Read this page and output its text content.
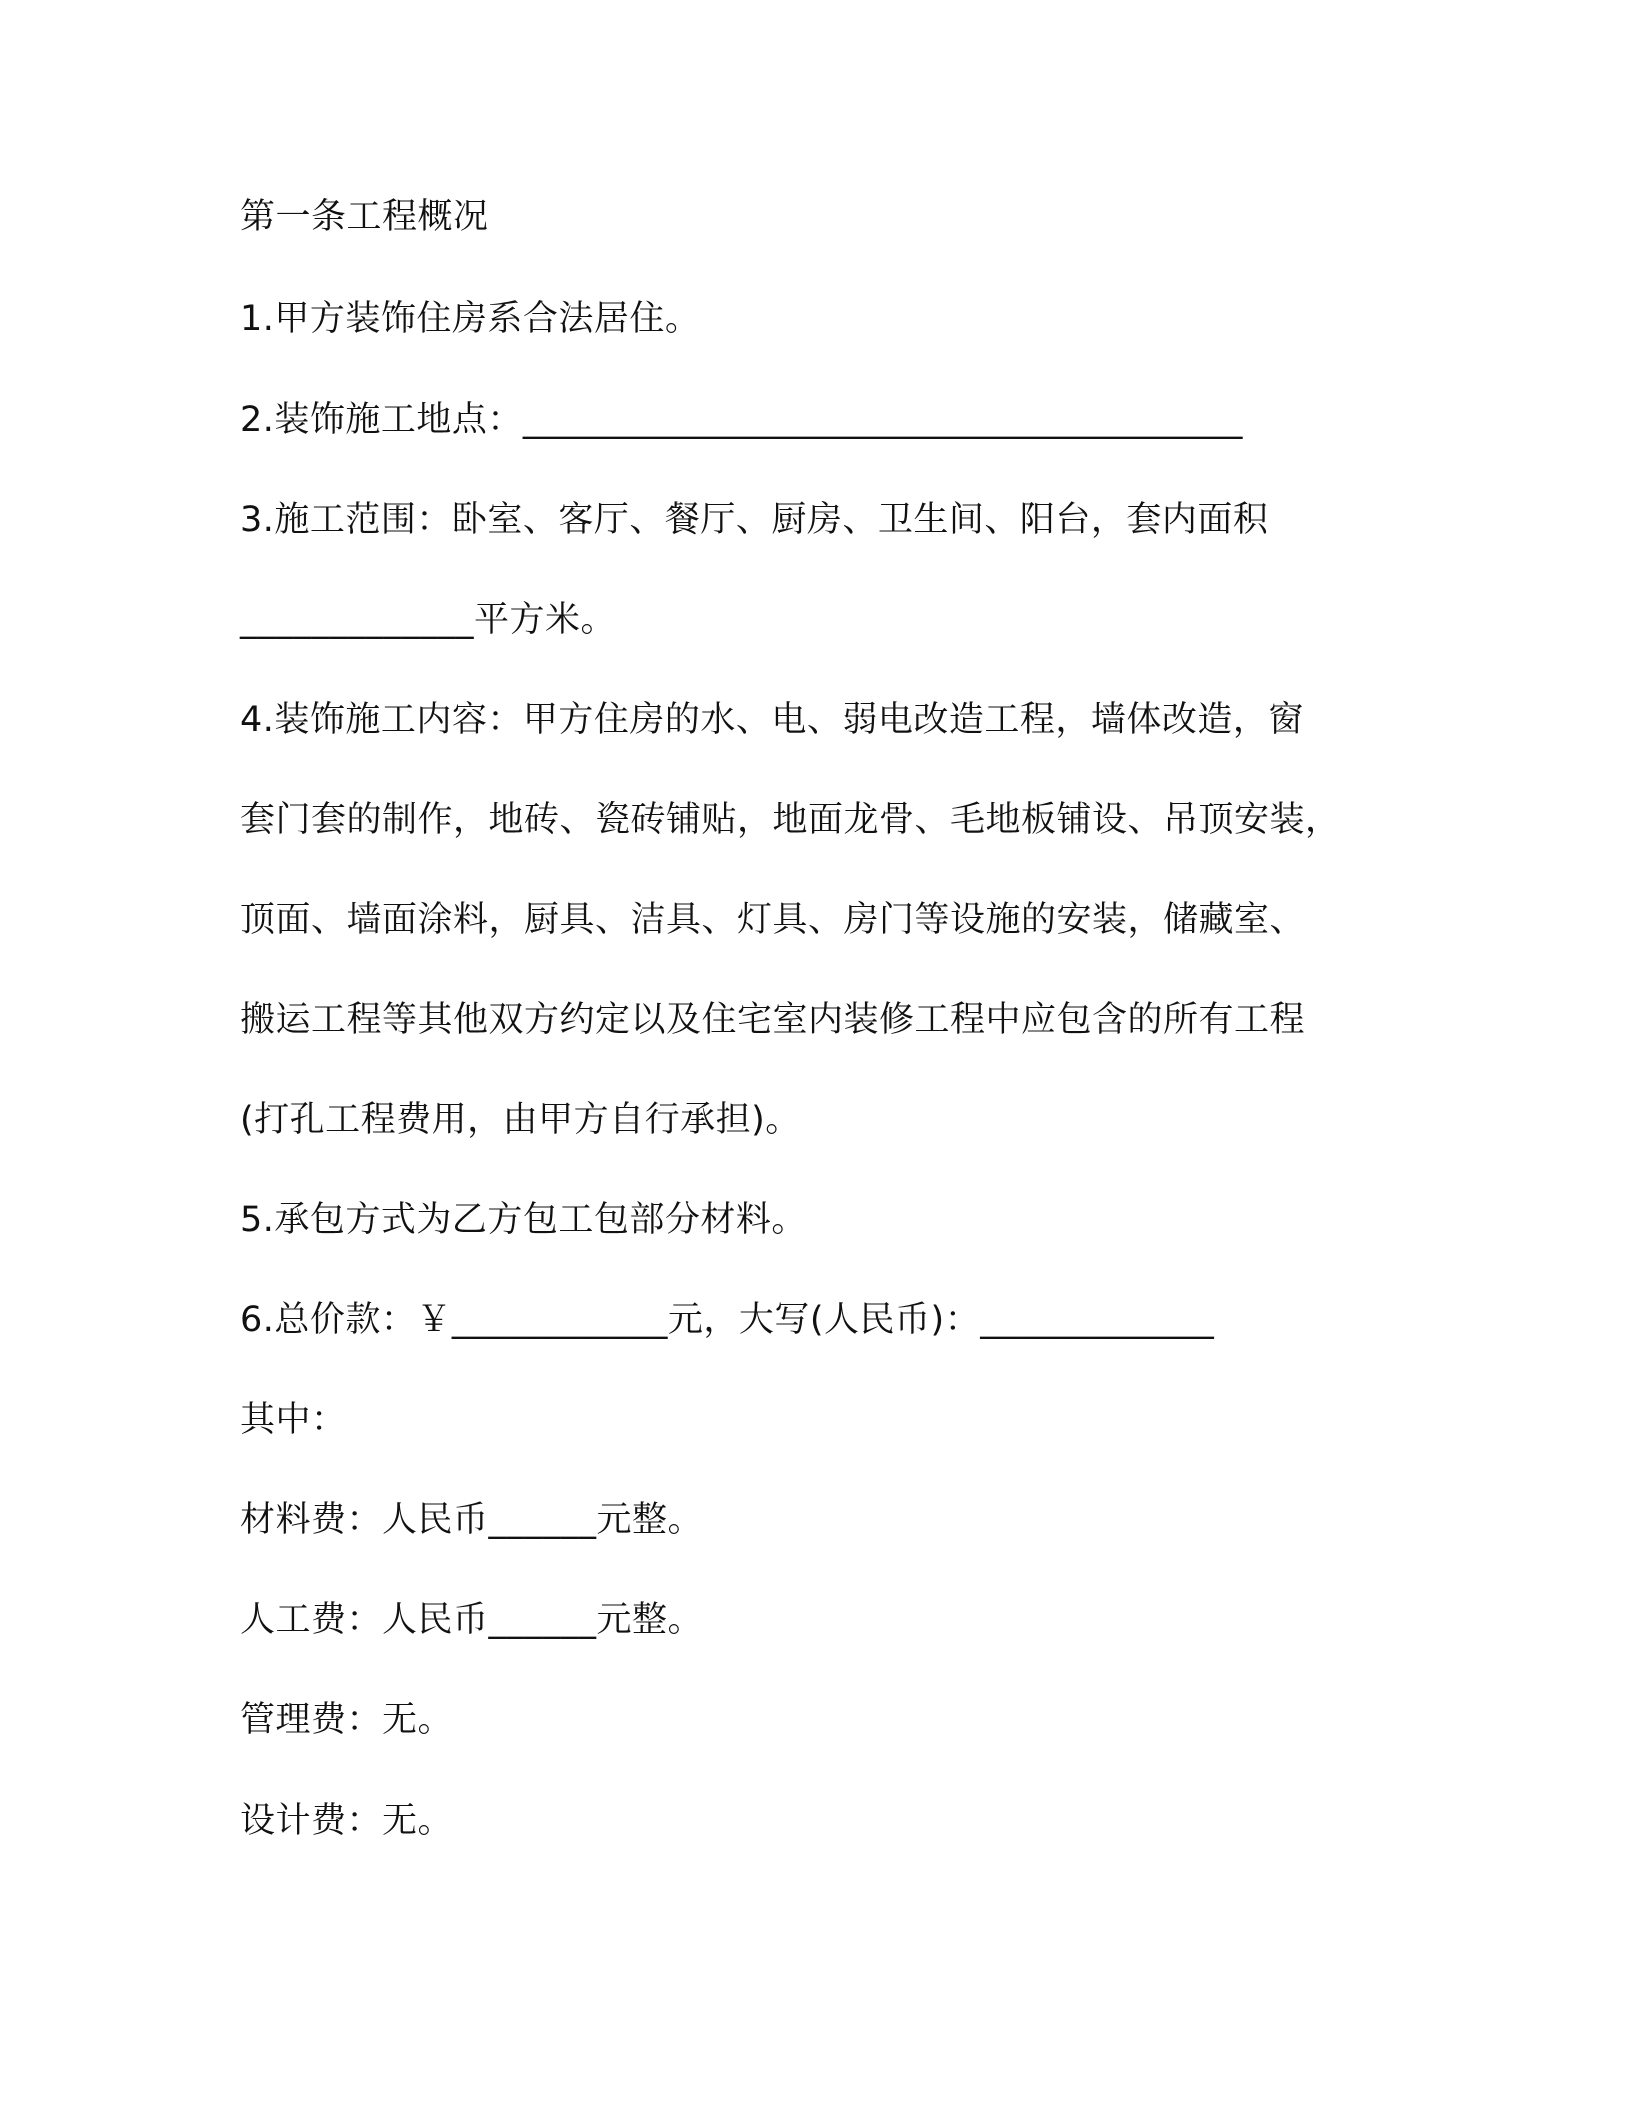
第一条工程概况
1.甲方装饰住房系合法居住。
2.装饰施工地点：________________________________________
3.施工范围：卧室、客厅、餐厅、厨房、卫生间、阳台，套内面积
_____________平方米。
4.装饰施工内容：甲方住房的水、电、弱电改造工程，墙体改造，窗
套门套的制作，地砖、瓷砖铺贴，地面龙骨、毛地板铺设、吊顶安装，
顶面、墙面涂料，厨具、洁具、灯具、房门等设施的安装，储藏室、
搬运工程等其他双方约定以及住宅室内装修工程中应包含的所有工程
(打孔工程费用，由甲方自行承担)。
5.承包方式为乙方包工包部分材料。
6.总价款：￥____________元，大写(人民币)：_____________
其中：
材料费：人民币______元整。
人工费：人民币______元整。
管理费：无。
设计费：无。
